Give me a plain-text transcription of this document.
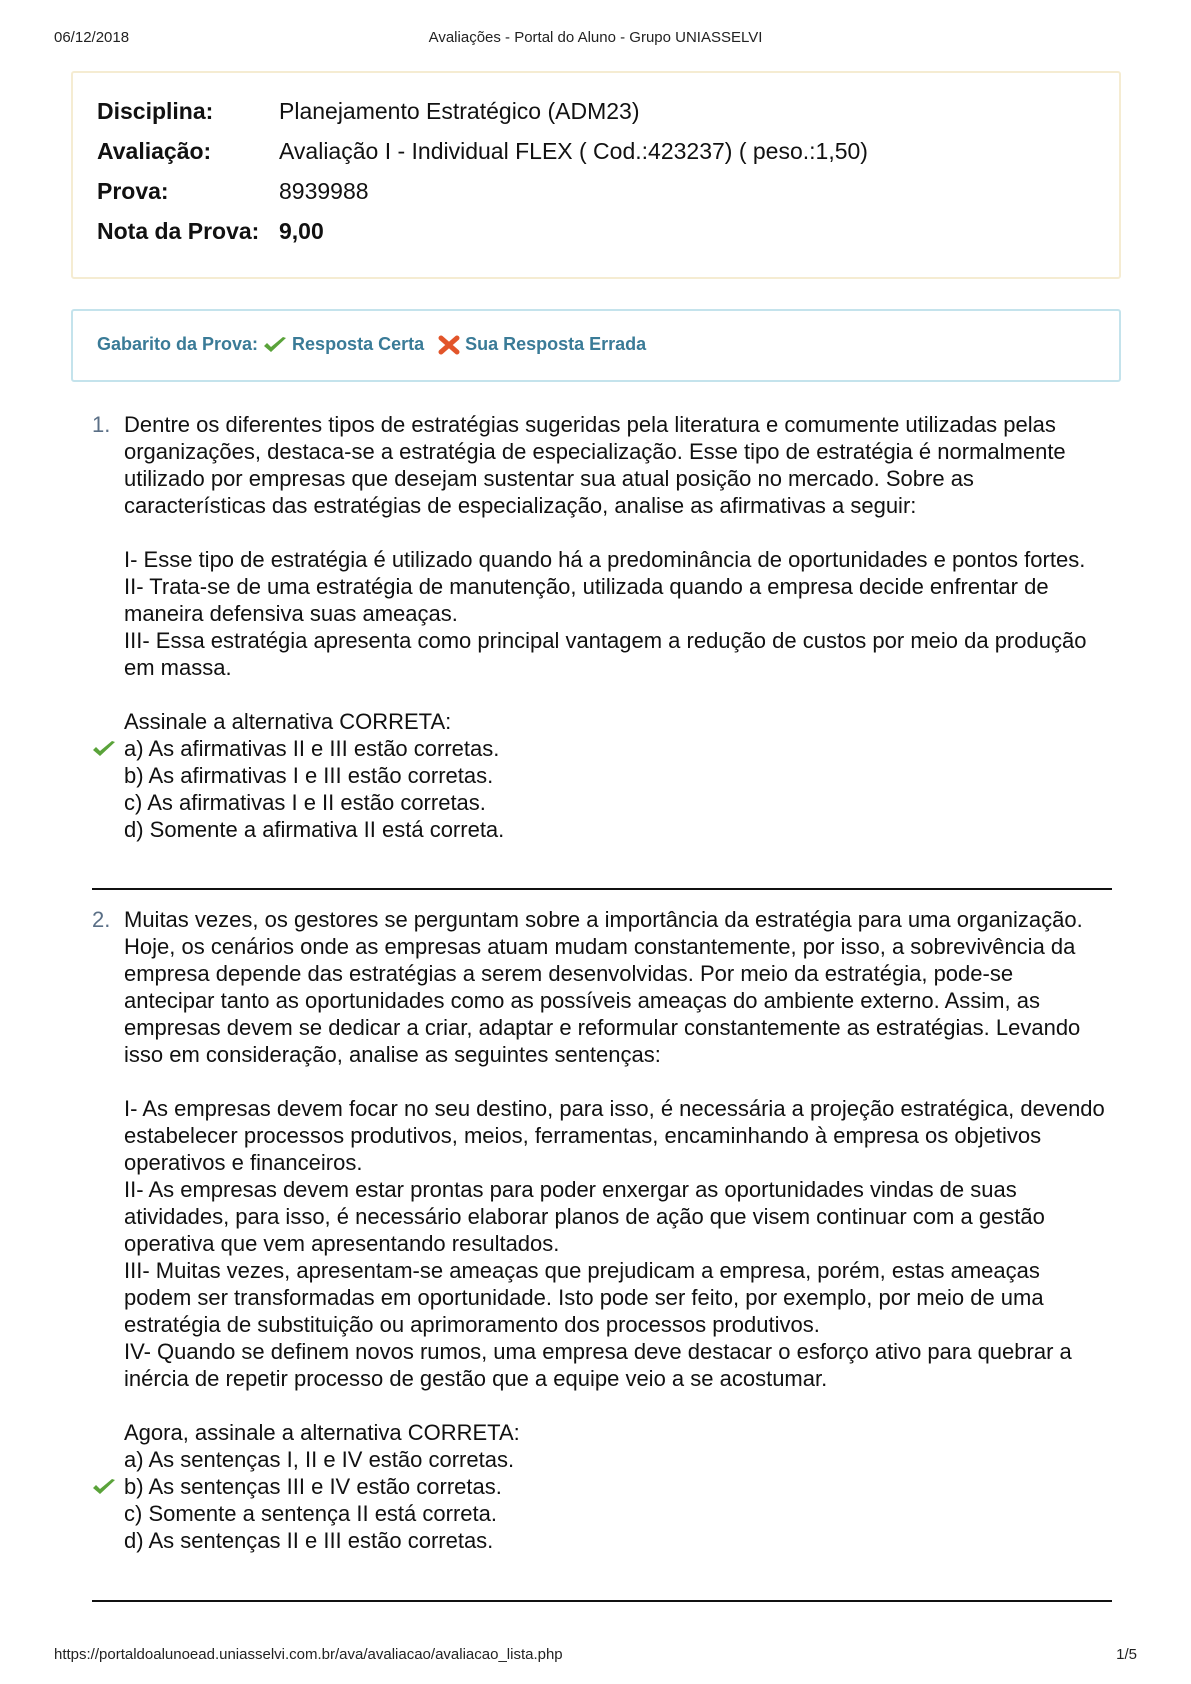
06/12/2018	Avaliações - Portal do Aluno - Grupo UNIASSELVI
Disciplina:	Planejamento Estratégico (ADM23)
Avaliação:	Avaliação I - Individual FLEX ( Cod.:423237) ( peso.:1,50)
Prova:	8939988
Nota da Prova: 9,00
Gabarito da Prova: Resposta Certa Sua Resposta Errada
1. Dentre os diferentes tipos de estratégias sugeridas pela literatura e comumente utilizadas pelas organizações, destaca-se a estratégia de especialização. Esse tipo de estratégia é normalmente utilizado por empresas que desejam sustentar sua atual posição no mercado. Sobre as características das estratégias de especialização, analise as afirmativas a seguir:

I- Esse tipo de estratégia é utilizado quando há a predominância de oportunidades e pontos fortes.

II- Trata-se de uma estratégia de manutenção, utilizada quando a empresa decide enfrentar de maneira defensiva suas ameaças.

III- Essa estratégia apresenta como principal vantagem a redução de custos por meio da produção em massa.

Assinale a alternativa CORRETA:

a) As afirmativas II e III estão corretas.
b) As afirmativas I e III estão corretas.
c) As afirmativas I e II estão corretas.
d) Somente a afirmativa II está correta.
2. Muitas vezes, os gestores se perguntam sobre a importância da estratégia para uma organização. Hoje, os cenários onde as empresas atuam mudam constantemente, por isso, a sobrevivência da empresa depende das estratégias a serem desenvolvidas. Por meio da estratégia, pode-se antecipar tanto as oportunidades como as possíveis ameaças do ambiente externo. Assim, as empresas devem se dedicar a criar, adaptar e reformular constantemente as estratégias. Levando isso em consideração, analise as seguintes sentenças:

I- As empresas devem focar no seu destino, para isso, é necessária a projeção estratégica, devendo estabelecer processos produtivos, meios, ferramentas, encaminhando à empresa os objetivos operativos e financeiros.

II- As empresas devem estar prontas para poder enxergar as oportunidades vindas de suas atividades, para isso, é necessário elaborar planos de ação que visem continuar com a gestão operativa que vem apresentando resultados.

III- Muitas vezes, apresentam-se ameaças que prejudicam a empresa, porém, estas ameaças podem ser transformadas em oportunidade. Isto pode ser feito, por exemplo, por meio de uma estratégia de substituição ou aprimoramento dos processos produtivos.

IV- Quando se definem novos rumos, uma empresa deve destacar o esforço ativo para quebrar a inércia de repetir processo de gestão que a equipe veio a se acostumar.

Agora, assinale a alternativa CORRETA:

a) As sentenças I, II e IV estão corretas.
b) As sentenças III e IV estão corretas.
c) Somente a sentença II está correta.
d) As sentenças II e III estão corretas.
https://portaldoalunoead.uniasselvi.com.br/ava/avaliacao/avaliacao_lista.php	1/5
